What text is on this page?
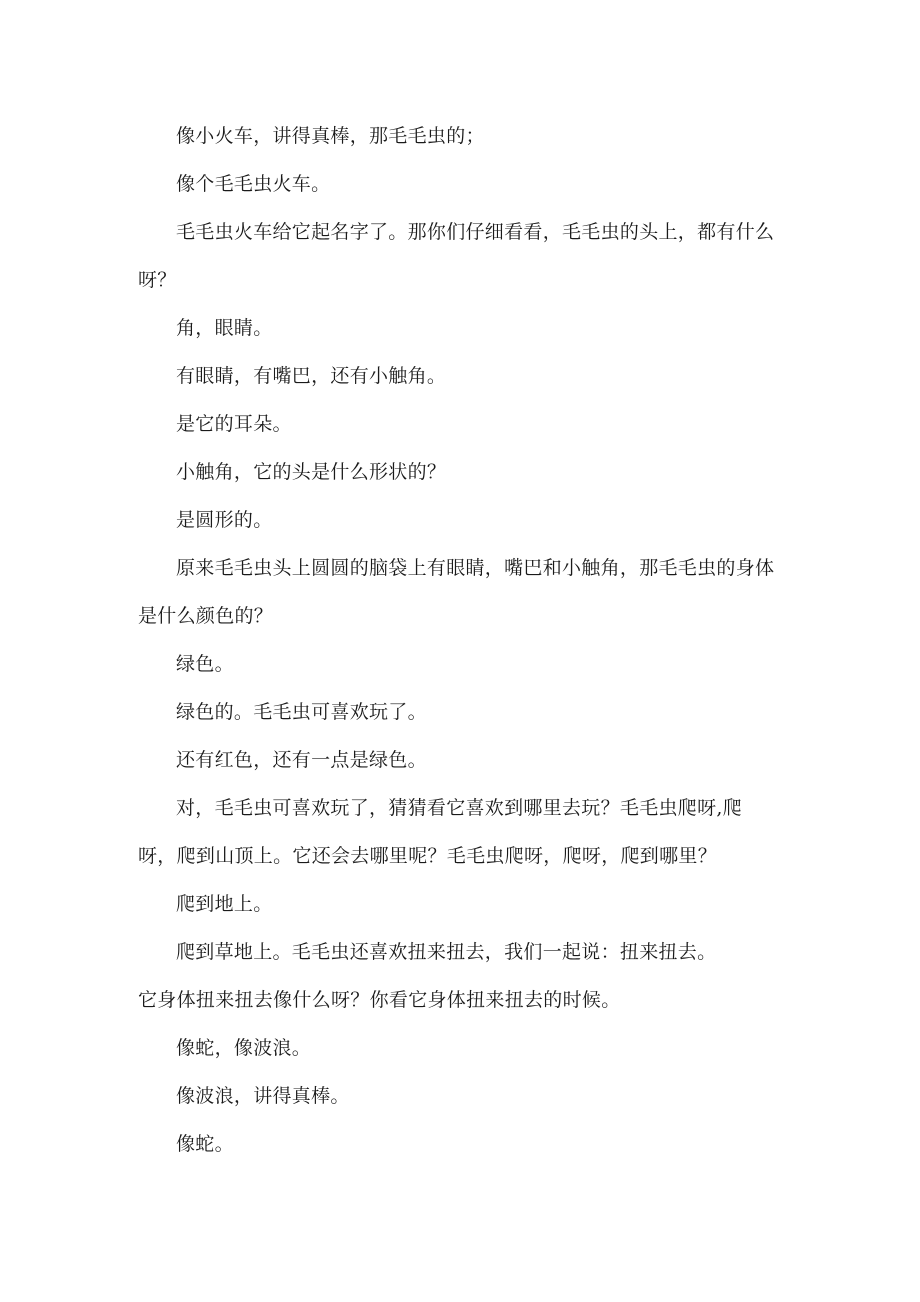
像小火车，讲得真棒，那毛毛虫的；

像个毛毛虫火车。

毛毛虫火车给它起名字了。那你们仔细看看，毛毛虫的头上，都有什么呀？

角，眼睛。

有眼睛，有嘴巴，还有小触角。

是它的耳朵。

小触角，它的头是什么形状的？

是圆形的。

原来毛毛虫头上圆圆的脑袋上有眼睛，嘴巴和小触角，那毛毛虫的身体是什么颜色的？

绿色。

绿色的。毛毛虫可喜欢玩了。

还有红色，还有一点是绿色。

对，毛毛虫可喜欢玩了，猜猜看它喜欢到哪里去玩？毛毛虫爬呀,爬呀，爬到山顶上。它还会去哪里呢？毛毛虫爬呀，爬呀，爬到哪里？

爬到地上。

爬到草地上。毛毛虫还喜欢扭来扭去，我们一起说：扭来扭去。

它身体扭来扭去像什么呀？你看它身体扭来扭去的时候。

像蛇，像波浪。

像波浪，讲得真棒。

像蛇。
